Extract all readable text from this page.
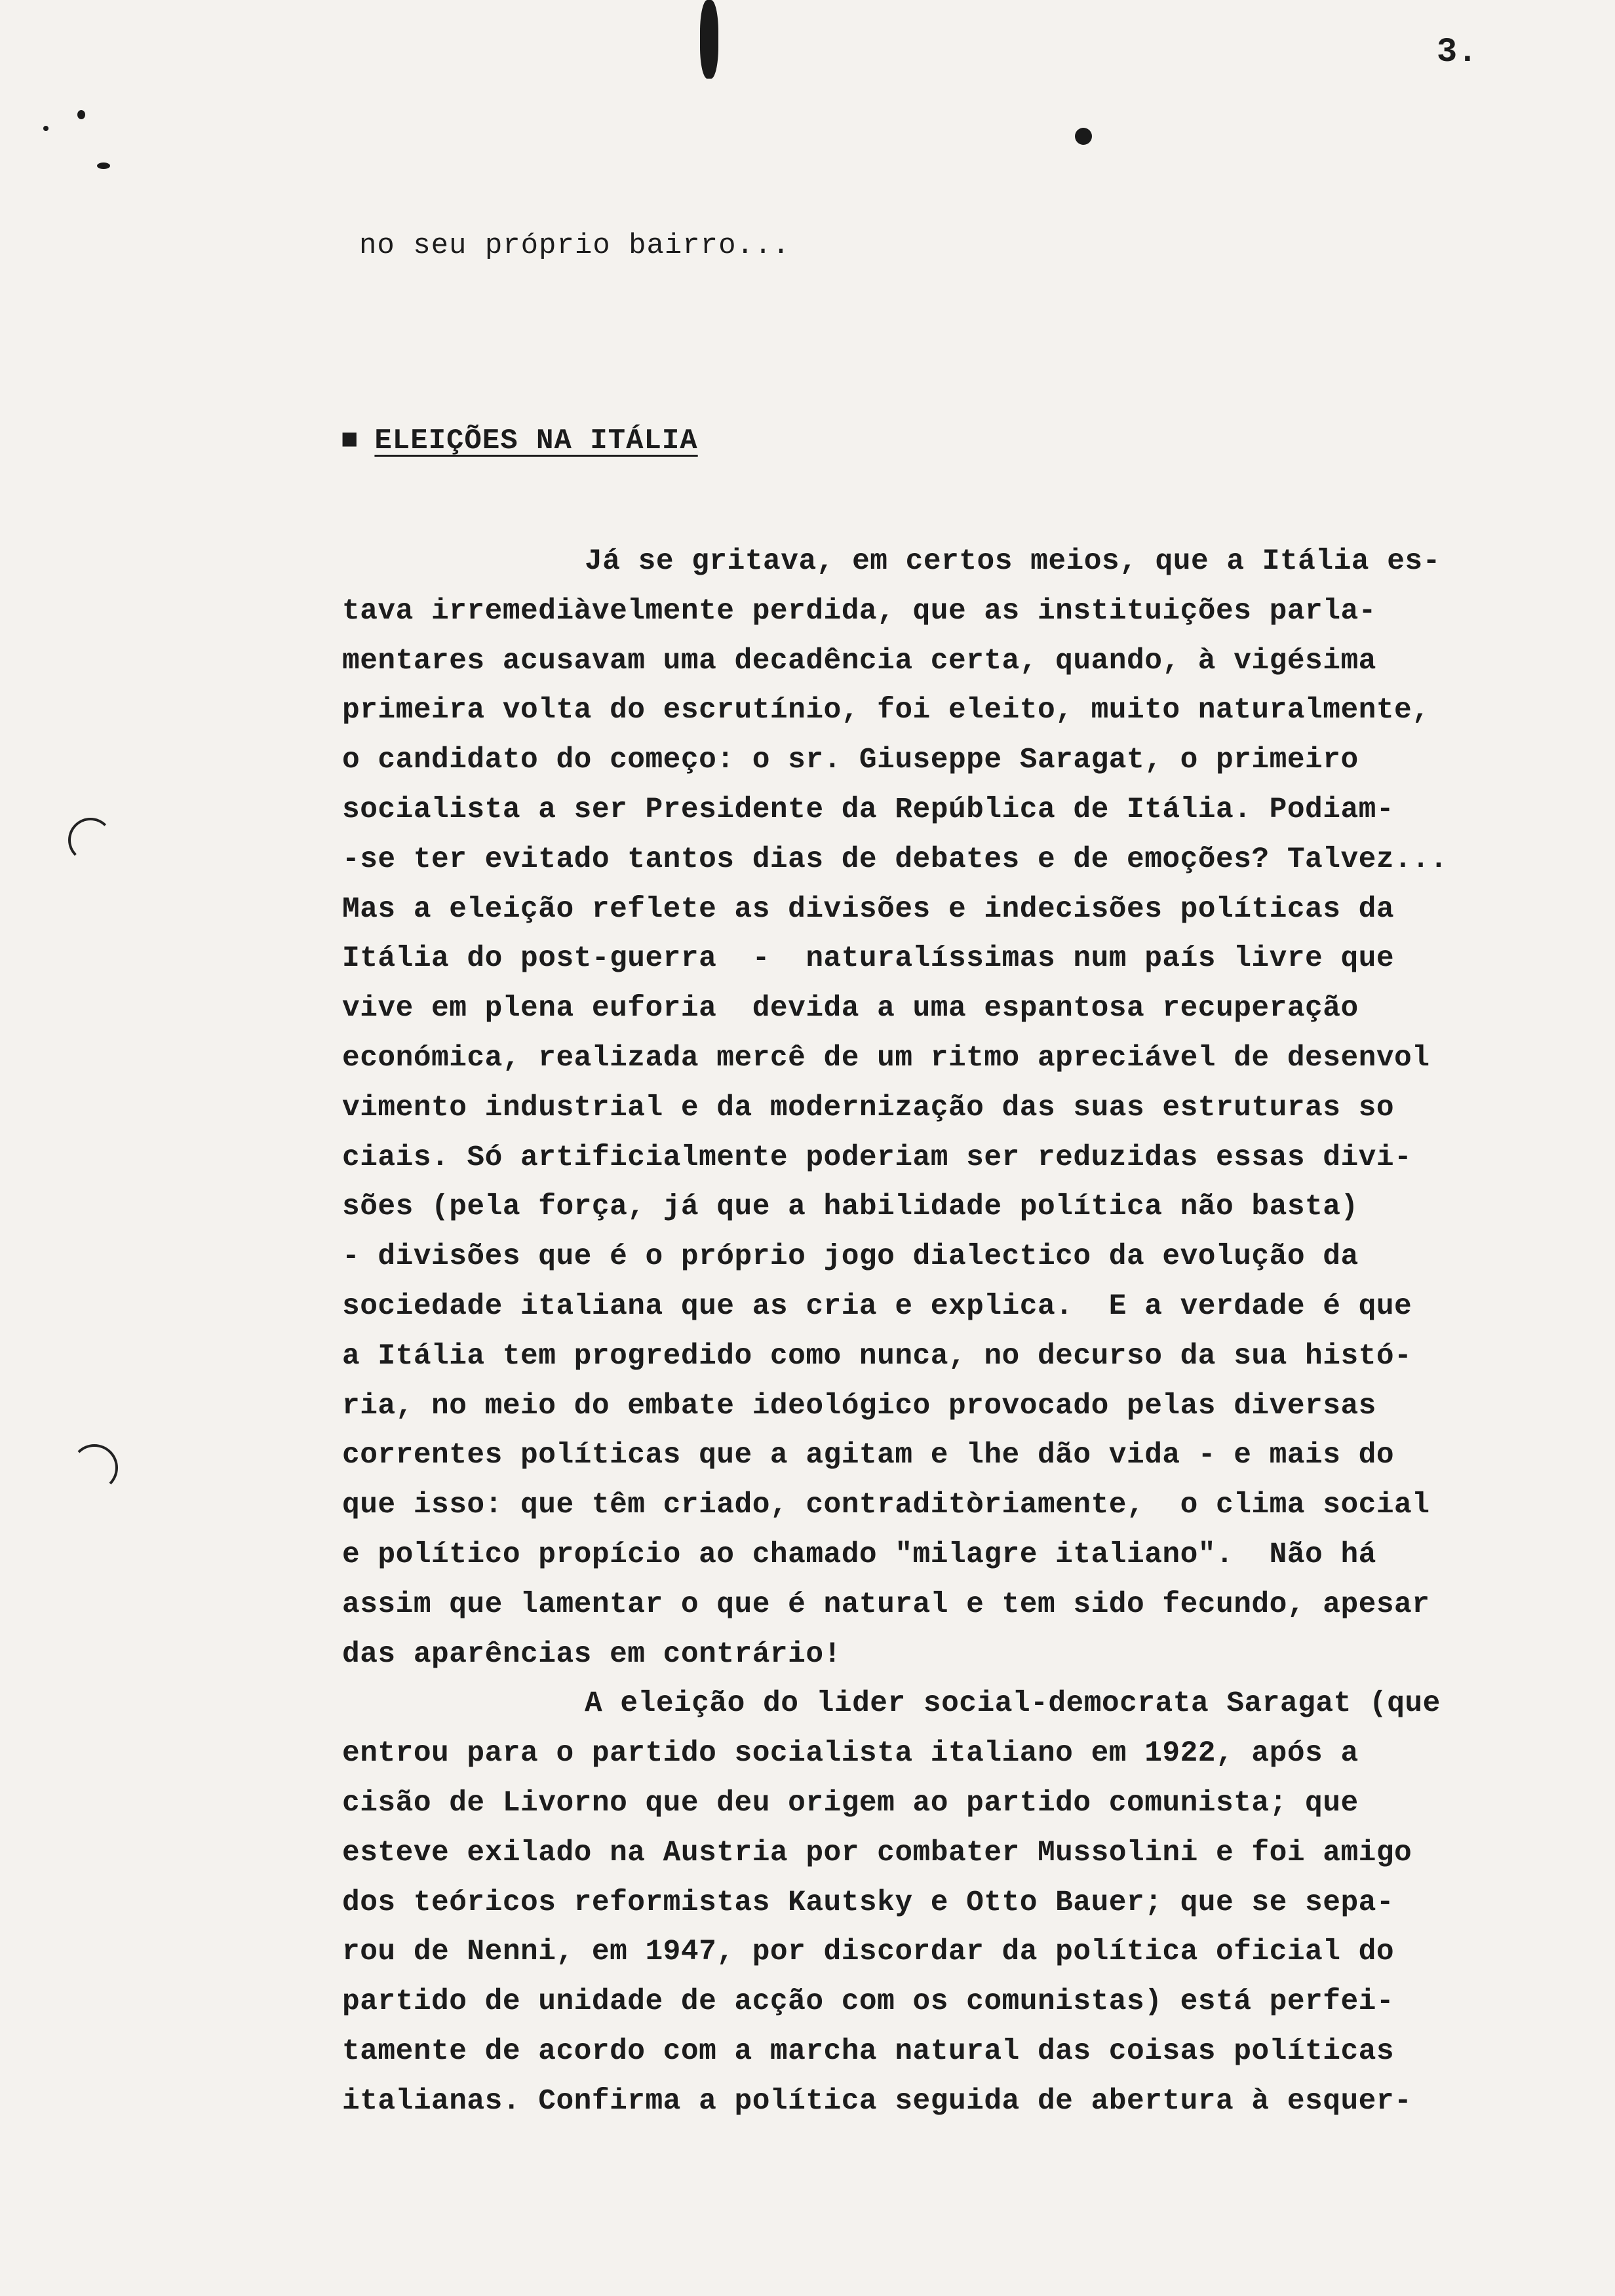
3.
no seu próprio bairro...
■ ELEIÇÕES NA ITÁLIA
Já se gritava, em certos meios, que a Itália es-
tava irremediàvelmente perdida, que as instituições parla-
mentares acusavam uma decadência certa, quando, à vigésima
primeira volta do escrutínio, foi eleito, muito naturalmente,
o candidato do começo: o sr. Giuseppe Saragat, o primeiro
socialista a ser Presidente da República de Itália. Podiam-
-se ter evitado tantos dias de debates e de emoções? Talvez...
Mas a eleição reflete as divisões e indecisões políticas da
Itália do post-guerra  -  naturalíssimas num país livre que
vive em plena euforia  devida a uma espantosa recuperação
económica, realizada mercê de um ritmo apreciável de desenvol
vimento industrial e da modernização das suas estruturas so
ciais. Só artificialmente poderiam ser reduzidas essas divi-
sões (pela força, já que a habilidade política não basta)
- divisões que é o próprio jogo dialectico da evolução da
sociedade italiana que as cria e explica.  E a verdade é que
a Itália tem progredido como nunca, no decurso da sua histó-
ria, no meio do embate ideológico provocado pelas diversas
correntes políticas que a agitam e lhe dão vida - e mais do
que isso: que têm criado, contraditòriamente,  o clima social
e político propício ao chamado "milagre italiano".  Não há
assim que lamentar o que é natural e tem sido fecundo, apesar
das aparências em contrário!
A eleição do lider social-democrata Saragat (que
entrou para o partido socialista italiano em 1922, após a
cisão de Livorno que deu origem ao partido comunista; que
esteve exilado na Austria por combater Mussolini e foi amigo
dos teóricos reformistas Kautsky e Otto Bauer; que se sepa-
rou de Nenni, em 1947, por discordar da política oficial do
partido de unidade de acção com os comunistas) está perfei-
tamente de acordo com a marcha natural das coisas políticas
italianas. Confirma a política seguida de abertura à esquer-
